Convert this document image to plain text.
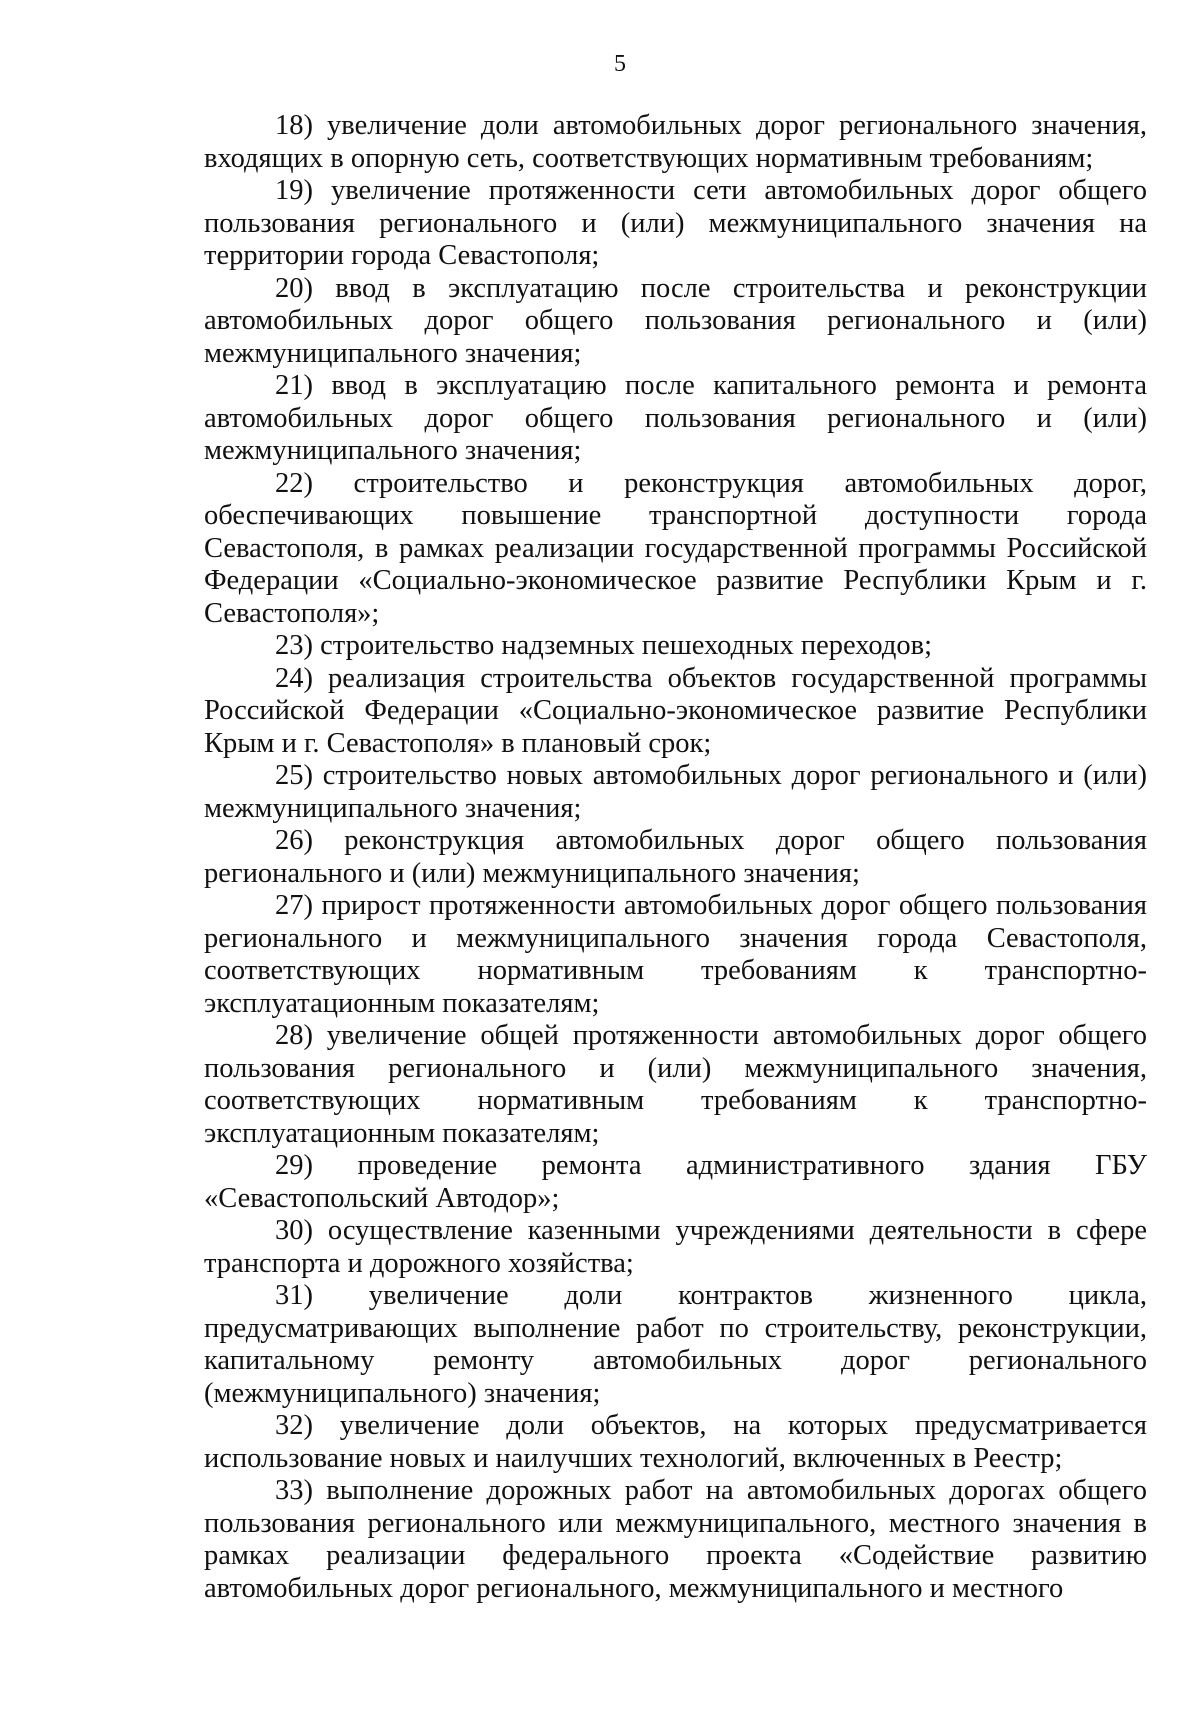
5

18) увеличение доли автомобильных дорог регионального значения, входящих в опорную сеть, соответствующих нормативным требованиям;

19) увеличение протяженности сети автомобильных дорог общего пользования регионального и (или) межмуниципального значения на территории города Севастополя;

20) ввод в эксплуатацию после строительства и реконструкции автомобильных дорог общего пользования регионального и (или) межмуниципального значения;

21) ввод в эксплуатацию после капитального ремонта и ремонта автомобильных дорог общего пользования регионального и (или) межмуниципального значения;

22) строительство и реконструкция автомобильных дорог, обеспечивающих повышение транспортной доступности города Севастополя, в рамках реализации государственной программы Российской Федерации «Социально-экономическое развитие Республики Крым и г. Севастополя»;

23) строительство надземных пешеходных переходов;

24) реализация строительства объектов государственной программы Российской Федерации «Социально-экономическое развитие Республики Крым и г. Севастополя» в плановый срок;

25) строительство новых автомобильных дорог регионального и (или) межмуниципального значения;

26) реконструкция автомобильных дорог общего пользования регионального и (или) межмуниципального значения;

27) прирост протяженности автомобильных дорог общего пользования регионального и межмуниципального значения города Севастополя, соответствующих нормативным требованиям к транспортно-эксплуатационным показателям;

28) увеличение общей протяженности автомобильных дорог общего пользования регионального и (или) межмуниципального значения, соответствующих нормативным требованиям к транспортно-эксплуатационным показателям;

29) проведение ремонта административного здания ГБУ «Севастопольский Автодор»;

30) осуществление казенными учреждениями деятельности в сфере транспорта и дорожного хозяйства;

31) увеличение доли контрактов жизненного цикла, предусматривающих выполнение работ по строительству, реконструкции, капитальному ремонту автомобильных дорог регионального (межмуниципального) значения;

32) увеличение доли объектов, на которых предусматривается использование новых и наилучших технологий, включенных в Реестр;

33) выполнение дорожных работ на автомобильных дорогах общего пользования регионального или межмуниципального, местного значения в рамках реализации федерального проекта «Содействие развитию автомобильных дорог регионального, межмуниципального и местного
